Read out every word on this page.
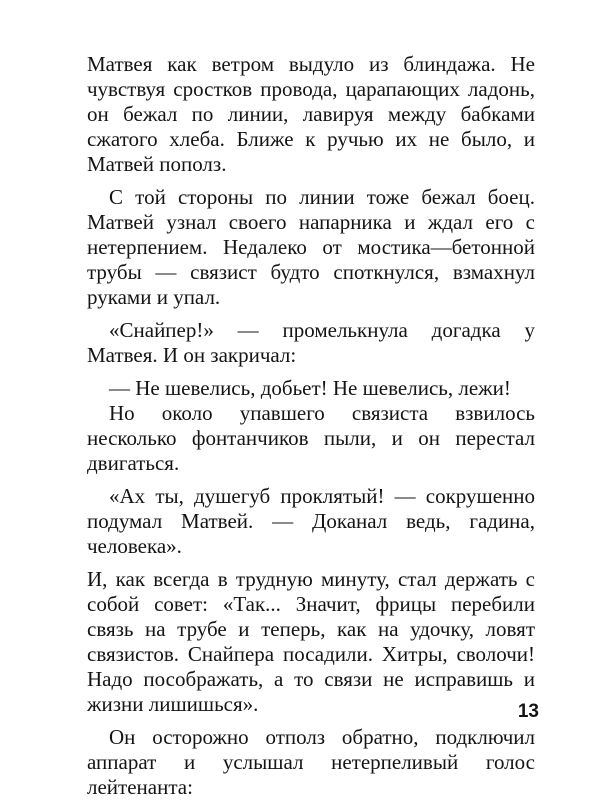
Матвея как ветром выдуло из блиндажа. Не чувствуя сростков провода, царапающих ладонь, он бежал по линии, лавируя между бабками сжатого хлеба. Ближе к ручью их не было, и Матвей пополз.

С той стороны по линии тоже бежал боец. Матвей узнал своего напарника и ждал его с нетерпением. Недалеко от мостика—бетонной трубы — связист будто споткнулся, взмахнул руками и упал.

«Снайпер!» — промелькнула догадка у Матвея. И он закричал:

— Не шевелись, добьет! Не шевелись, лежи!

Но около упавшего связиста взвилось несколько фонтанчиков пыли, и он перестал двигаться.

«Ах ты, душегуб проклятый! — сокрушенно подумал Матвей. — Доканал ведь, гадина, человека».

И, как всегда в трудную минуту, стал держать с собой совет: «Так... Значит, фрицы перебили связь на трубе и теперь, как на удочку, ловят связистов. Снайпера посадили. Хитры, сволочи! Надо посображать, а то связи не исправишь и жизни лишишься».

Он осторожно отполз обратно, подключил аппарат и услышал нетерпеливый голос лейтенанта:

13
